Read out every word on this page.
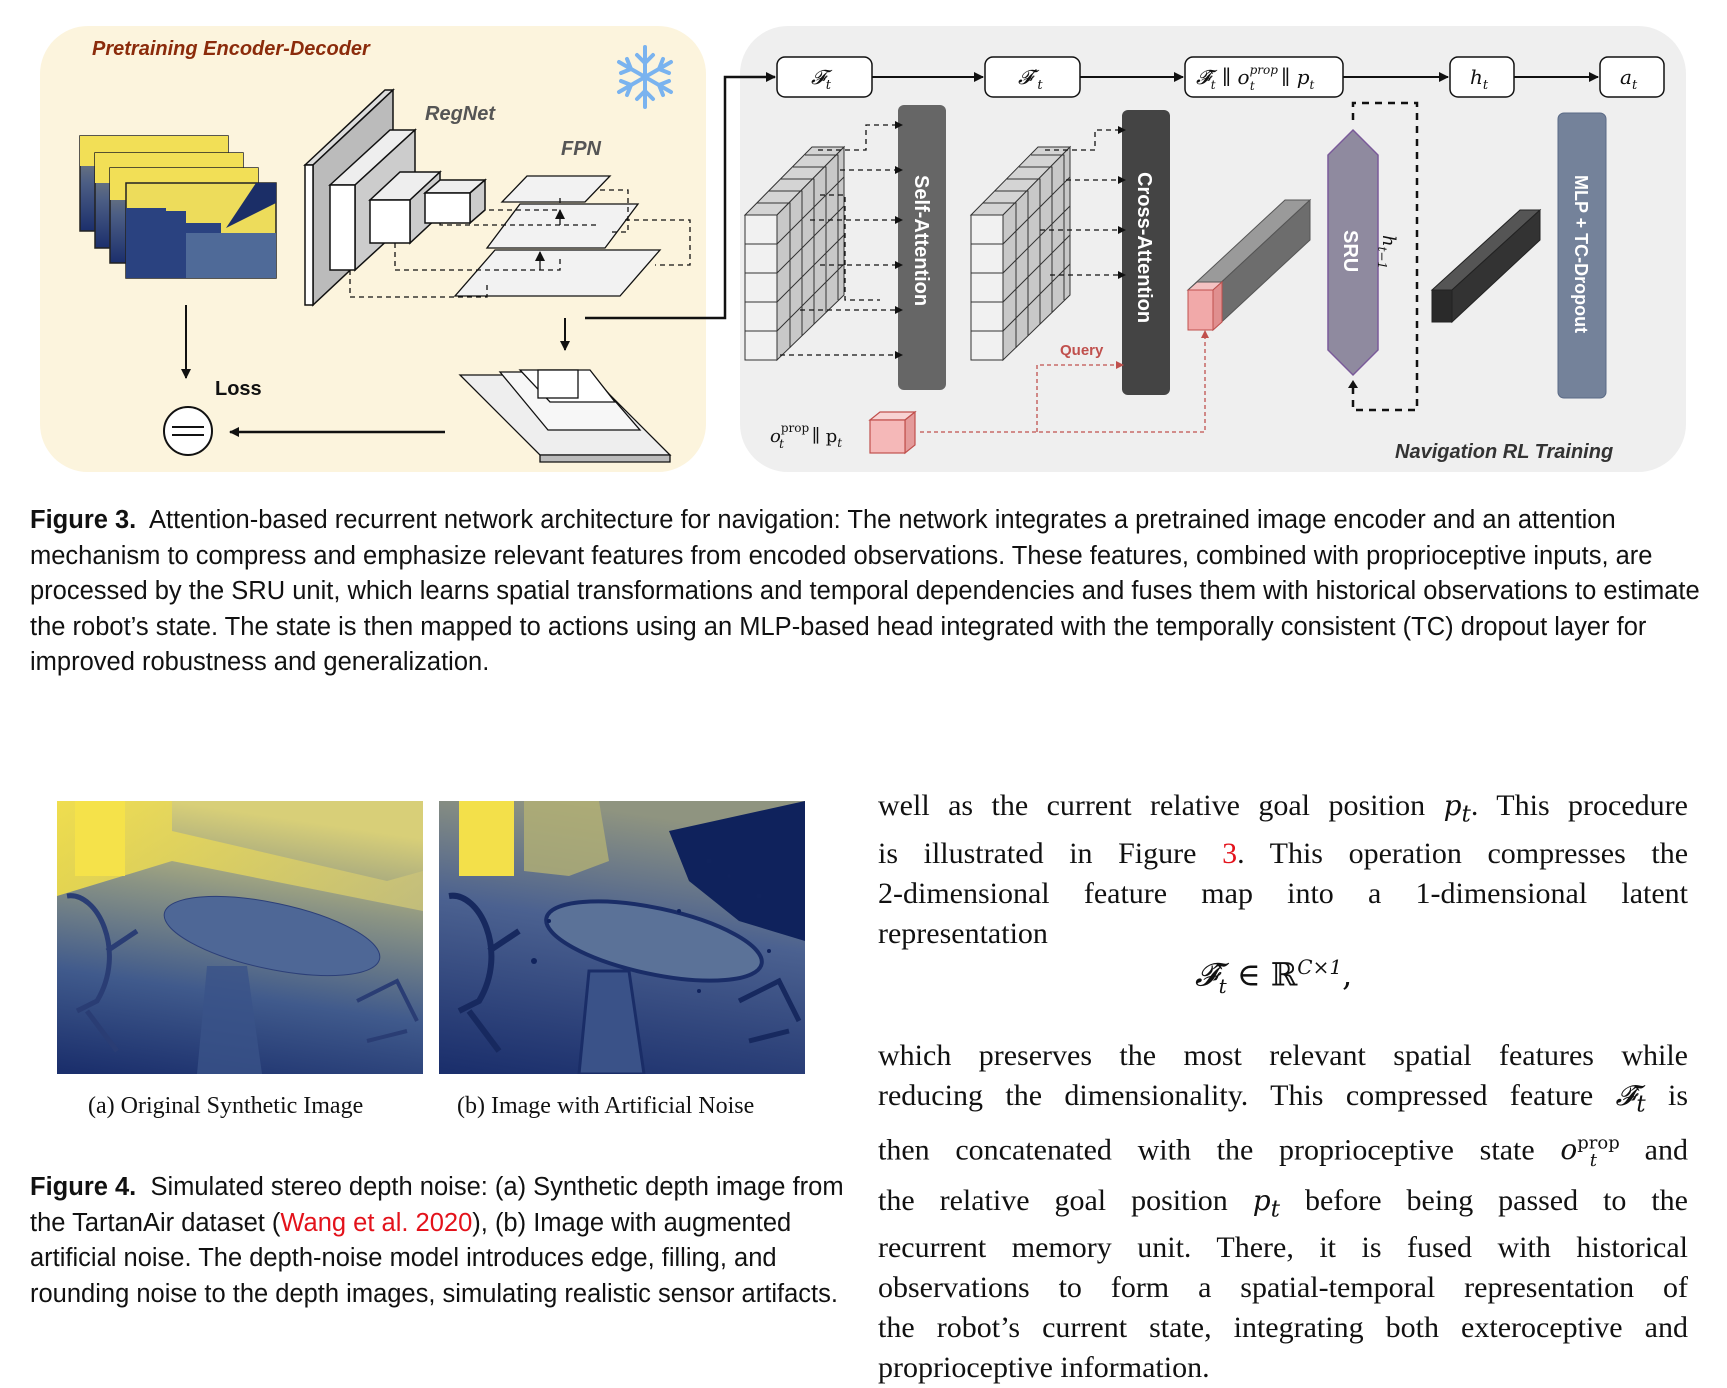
Pretraining Encoder-Decoder
Navigation RL Training
RegNet
FPN
Loss
𝓕$_t$	$𝓕'_t$	$𝓕̂_t$ ∥ $o^{prop}$ t ∥ $p_t$	$h_t$	$a_t$
Self-Attention	Cross-Attention
$o^{prop}$ t ∥ $p_t$
Query
SRU $h_{t-1}$	MLP + TC-Dropout
Figure 3. Attention-based recurrent network architecture for navigation: The network integrates a pretrained image encoder and an attention mechanism to compress and emphasize relevant features from encoded observations. These features, combined with proprioceptive inputs, are processed by the SRU unit, which learns spatial transformations and temporal dependencies and fuses them with historical observations to estimate the robot’s state. The state is then mapped to actions using an MLP-based head integrated with the temporally consistent (TC) dropout layer for improved robustness and generalization.
(a) Original Synthetic Image	(b) Image with Artificial Noise
Figure 4. Simulated stereo depth noise: (a) Synthetic depth image from the TartanAir dataset (Wang et al. 2020), (b) Image with augmented artificial noise. The depth-noise model introduces edge, filling, and rounding noise to the depth images, simulating realistic sensor artifacts.
well as the current relative goal position $p_t$. This procedure
is illustrated in Figure 3. This operation compresses the
2-dimensional feature map into a 1-dimensional latent
representation
$𝓕̂_t$ ∈ ℝ$^{C\times 1}$,
which preserves the most relevant spatial features while
reducing the dimensionality. This compressed feature $𝓕̂_t$ is
then concatenated with the proprioceptive state $o^{prop}_t$ and
the relative goal position $p_t$ before being passed to the
recurrent memory unit. There, it is fused with historical
observations to form a spatial-temporal representation of
the robot’s current state, integrating both exteroceptive and
proprioceptive information.
